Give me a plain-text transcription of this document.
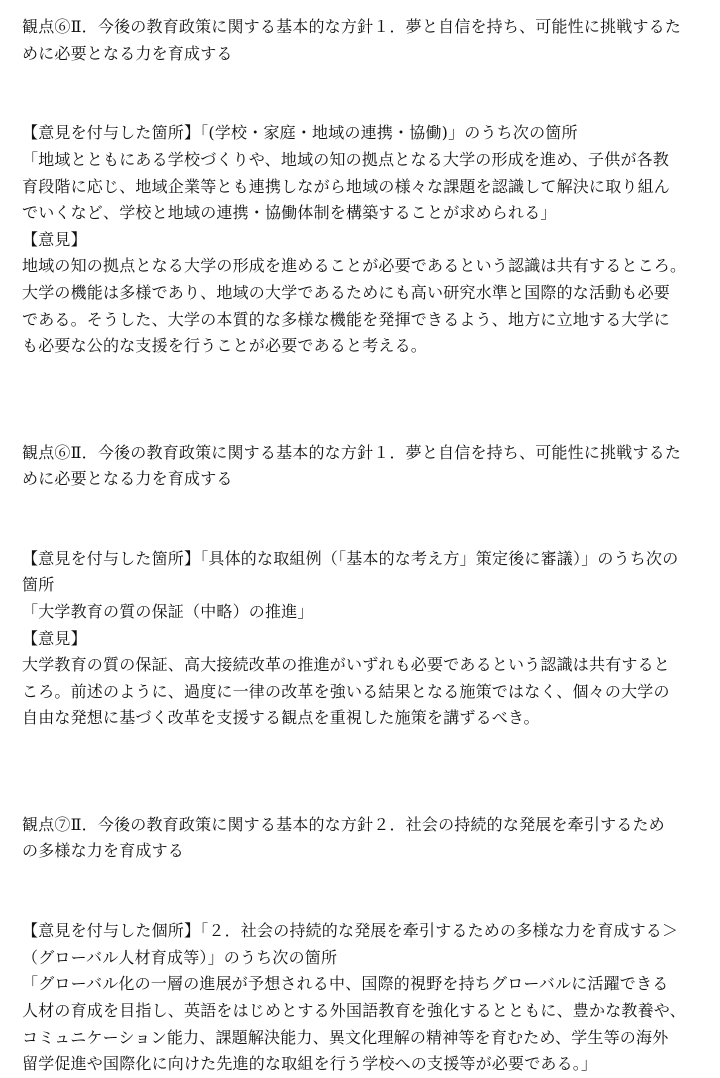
観点⑥Ⅱ．今後の教育政策に関する基本的な方針１．夢と自信を持ち、可能性に挑戦するた
めに必要となる力を育成する
【意見を付与した箇所】「(学校・家庭・地域の連携・協働)」のうち次の箇所
「地域とともにある学校づくりや、地域の知の拠点となる大学の形成を進め、子供が各教
育段階に応じ、地域企業等とも連携しながら地域の様々な課題を認識して解決に取り組ん
でいくなど、学校と地域の連携・協働体制を構築することが求められる」
【意見】
地域の知の拠点となる大学の形成を進めることが必要であるという認識は共有するところ。
大学の機能は多様であり、地域の大学であるためにも高い研究水準と国際的な活動も必要
である。そうした、大学の本質的な多様な機能を発揮できるよう、地方に立地する大学に
も必要な公的な支援を行うことが必要であると考える。
観点⑥Ⅱ．今後の教育政策に関する基本的な方針１．夢と自信を持ち、可能性に挑戦するた
めに必要となる力を育成する
【意見を付与した箇所】「具体的な取組例（「基本的な考え方」策定後に審議）」のうち次の
箇所
「大学教育の質の保証（中略）の推進」
【意見】
大学教育の質の保証、高大接続改革の推進がいずれも必要であるという認識は共有すると
ころ。前述のように、過度に一律の改革を強いる結果となる施策ではなく、個々の大学の
自由な発想に基づく改革を支援する観点を重視した施策を講ずるべき。
観点⑦Ⅱ．今後の教育政策に関する基本的な方針２．社会の持続的な発展を牽引するため
の多様な力を育成する
【意見を付与した個所】「２．社会の持続的な発展を牽引するための多様な力を育成する＞
（グローバル人材育成等）」のうち次の箇所
「グローバル化の一層の進展が予想される中、国際的視野を持ちグローバルに活躍できる
人材の育成を目指し、英語をはじめとする外国語教育を強化するとともに、豊かな教養や、
コミュニケーション能力、課題解決能力、異文化理解の精神等を育むため、学生等の海外
留学促進や国際化に向けた先進的な取組を行う学校への支援等が必要である。」
